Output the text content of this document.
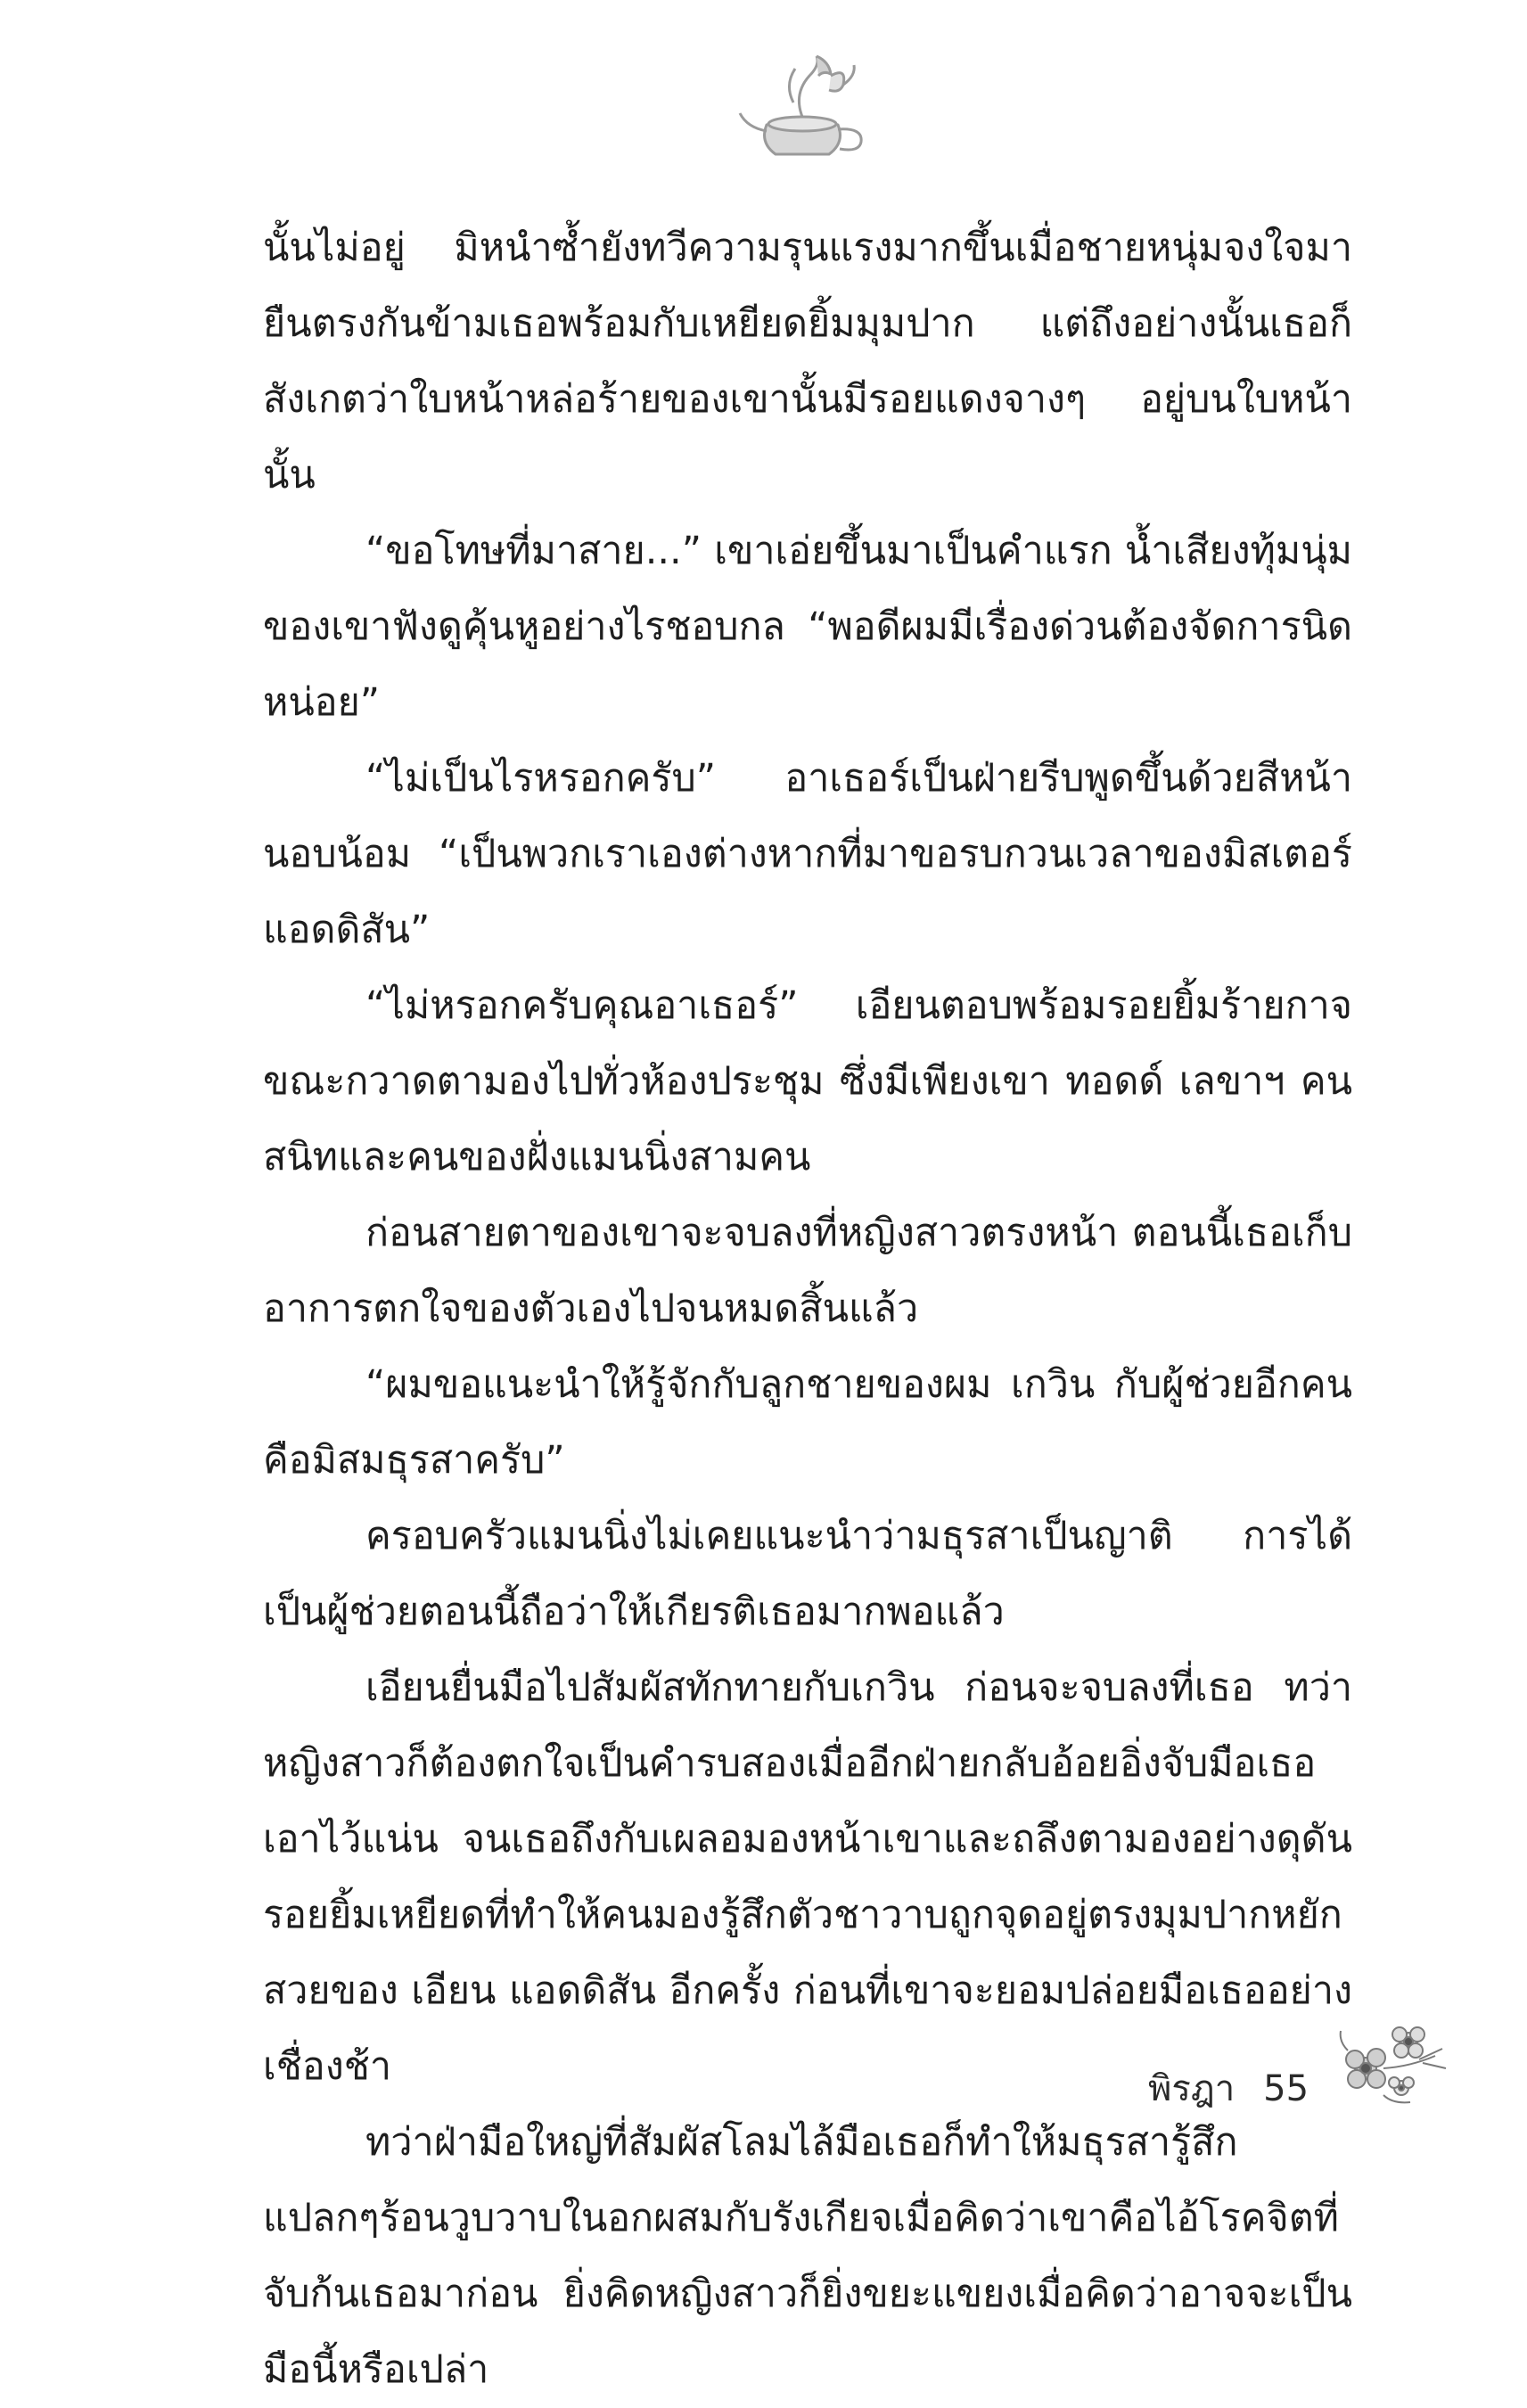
นั้นไม่อยู่ มิหนำซ้ำยังทวีความรุนแรงมากขึ้นเมื่อชายหนุ่มจงใจมายืนตรงกันข้ามเธอพร้อมกับเหยียดยิ้มมุมปาก แต่ถึงอย่างนั้นเธอก็สังเกตว่าใบหน้าหล่อร้ายของเขานั้นมีรอยแดงจางๆ อยู่บนใบหน้านั้น

“ขอโทษที่มาสาย...” เขาเอ่ยขึ้นมาเป็นคำแรก น้ำเสียงทุ้มนุ่มของเขาฟังดูคุ้นหูอย่างไรชอบกล “พอดีผมมีเรื่องด่วนต้องจัดการนิดหน่อย”

“ไม่เป็นไรหรอกครับ” อาเธอร์เป็นฝ่ายรีบพูดขึ้นด้วยสีหน้านอบน้อม “เป็นพวกเราเองต่างหากที่มาขอรบกวนเวลาของมิสเตอร์แอดดิสัน”

“ไม่หรอกครับคุณอาเธอร์” เอียนตอบพร้อมรอยยิ้มร้ายกาจ ขณะกวาดตามองไปทั่วห้องประชุม ซึ่งมีเพียงเขา ทอดด์ เลขาฯ คนสนิทและคนของฝั่งแมนนิ่งสามคน

ก่อนสายตาของเขาจะจบลงที่หญิงสาวตรงหน้า ตอนนี้เธอเก็บอาการตกใจของตัวเองไปจนหมดสิ้นแล้ว

“ผมขอแนะนำให้รู้จักกับลูกชายของผม เกวิน กับผู้ช่วยอีกคนคือมิสมธุรสาครับ”

ครอบครัวแมนนิ่งไม่เคยแนะนำว่ามธุรสาเป็นญาติ การได้เป็นผู้ช่วยตอนนี้ถือว่าให้เกียรติเธอมากพอแล้ว

เอียนยื่นมือไปสัมผัสทักทายกับเกวิน ก่อนจะจบลงที่เธอ ทว่าหญิงสาวก็ต้องตกใจเป็นคำรบสองเมื่ออีกฝ่ายกลับอ้อยอิ่งจับมือเธอเอาไว้แน่น จนเธอถึงกับเผลอมองหน้าเขาและถลึงตามองอย่างดุดันรอยยิ้มเหยียดที่ทำให้คนมองรู้สึกตัวชาวาบถูกจุดอยู่ตรงมุมปากหยักสวยของ เอียน แอดดิสัน อีกครั้ง ก่อนที่เขาจะยอมปล่อยมือเธออย่างเชื่องช้า

ทว่าฝ่ามือใหญ่ที่สัมผัสโลมไล้มือเธอก็ทำให้มธุรสารู้สึกแปลกๆร้อนวูบวาบในอกผสมกับรังเกียจเมื่อคิดว่าเขาคือไอ้โรคจิตที่จับก้นเธอมาก่อน ยิ่งคิดหญิงสาวก็ยิ่งขยะแขยงเมื่อคิดว่าอาจจะเป็นมือนี้หรือเปล่า

พิรฎา 55
